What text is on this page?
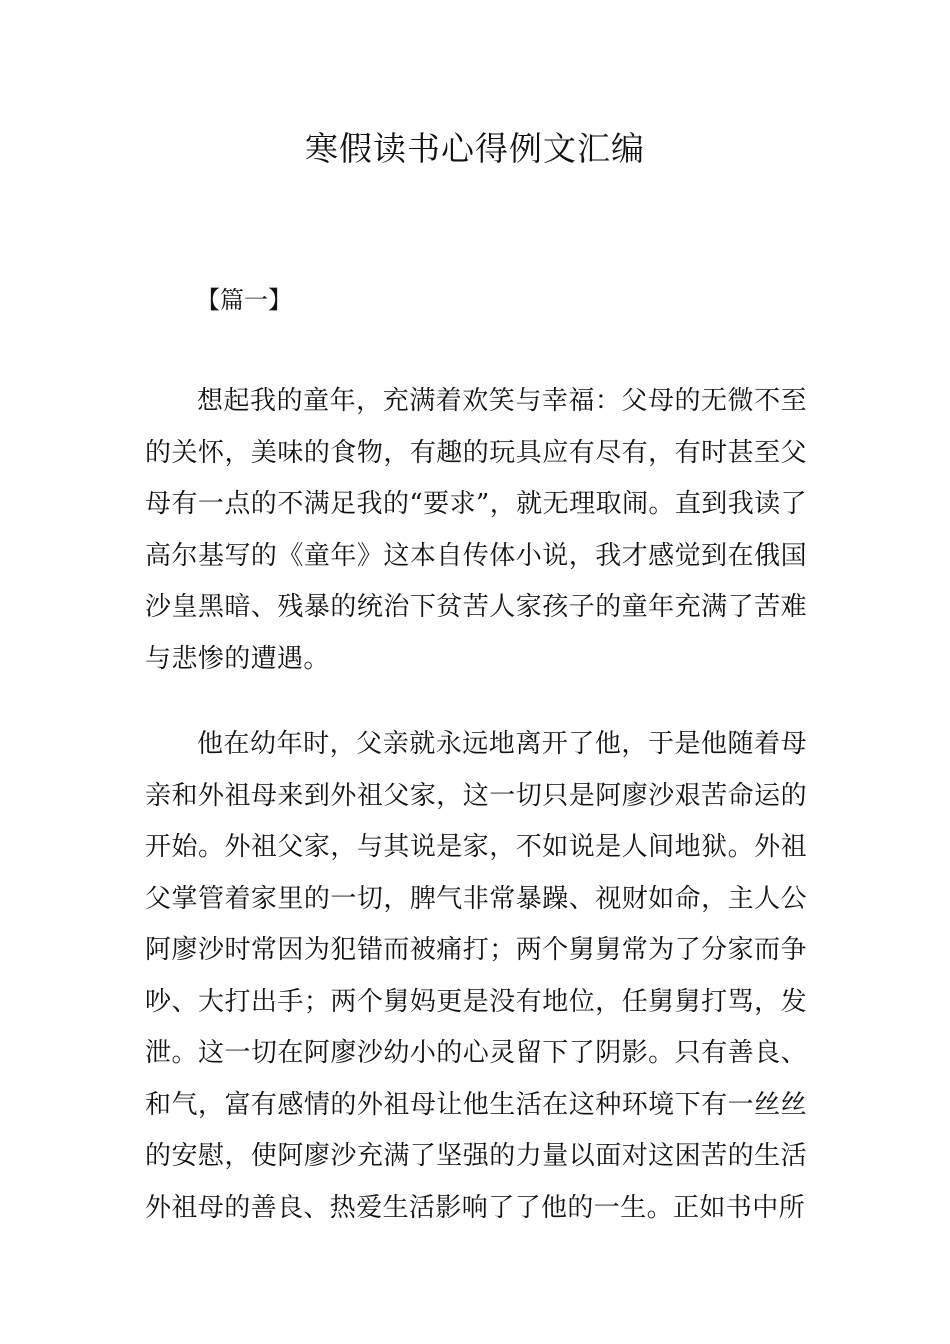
寒假读书心得例文汇编

【篇一】

想起我的童年，充满着欢笑与幸福：父母的无微不至的关怀，美味的食物，有趣的玩具应有尽有，有时甚至父母有一点的不满足我的“要求”，就无理取闹。直到我读了高尔基写的《童年》这本自传体小说，我才感觉到在俄国沙皇黑暗、残暴的统治下贫苦人家孩子的童年充满了苦难与悲惨的遭遇。

他在幼年时，父亲就永远地离开了他，于是他随着母亲和外祖母来到外祖父家，这一切只是阿廖沙艰苦命运的开始。外祖父家，与其说是家，不如说是人间地狱。外祖父掌管着家里的一切，脾气非常暴躁、视财如命，主人公阿廖沙时常因为犯错而被痛打；两个舅舅常为了分家而争吵、大打出手；两个舅妈更是没有地位，任舅舅打骂，发泄。这一切在阿廖沙幼小的心灵留下了阴影。只有善良、和气，富有感情的外祖母让他生活在这种环境下有一丝丝的安慰，使阿廖沙充满了坚强的力量以面对这困苦的生活外祖母的善良、热爱生活影响了了他的一生。正如书中所
